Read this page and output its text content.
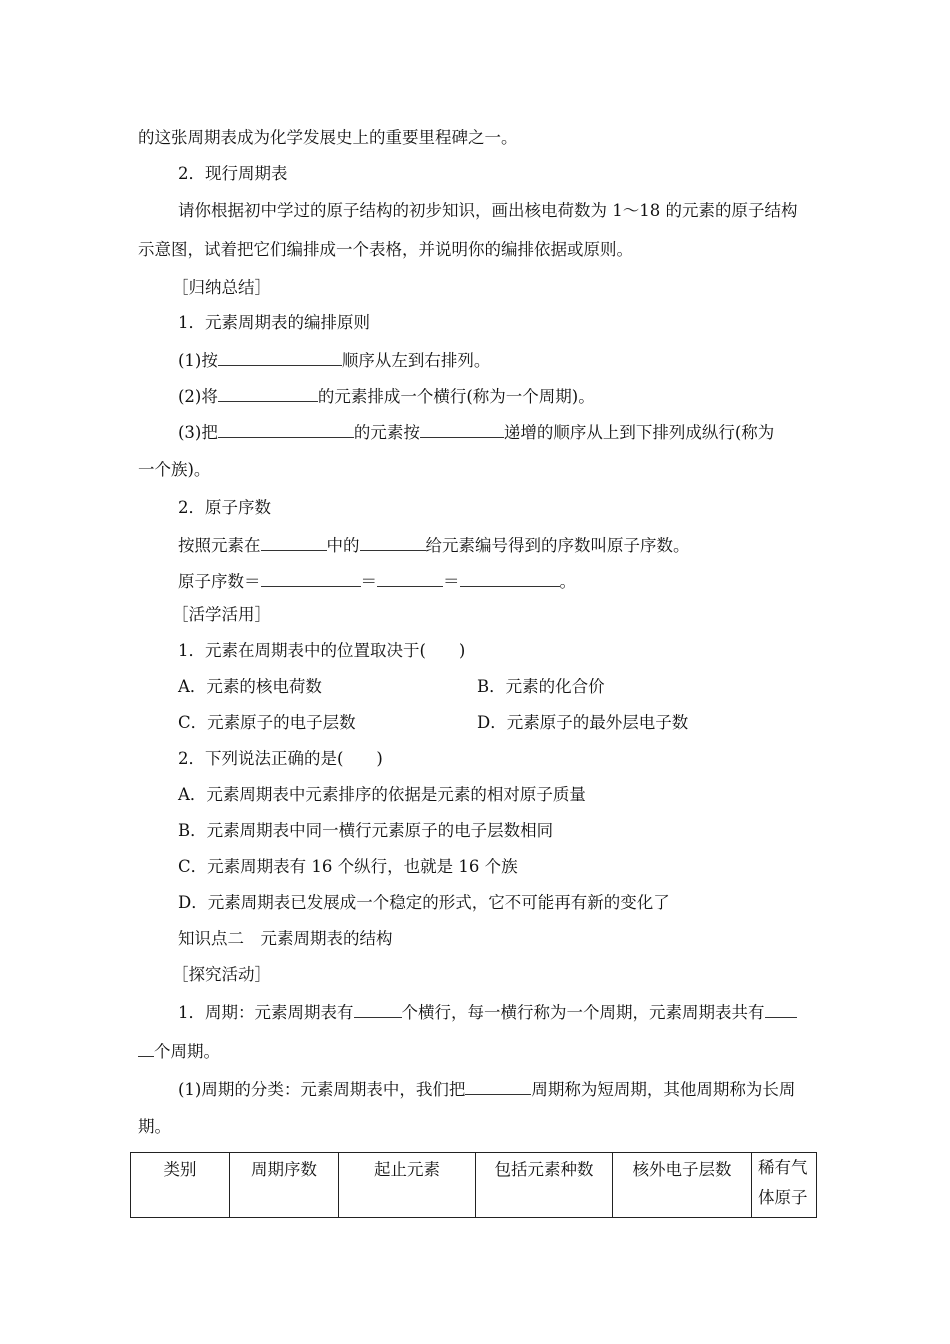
的这张周期表成为化学发展史上的重要里程碑之一。
2．现行周期表
请你根据初中学过的原子结构的初步知识，画出核电荷数为 1～18 的元素的原子结构
示意图，试着把它们编排成一个表格，并说明你的编排依据或原则。
［归纳总结］
1．元素周期表的编排原则
(1)按	顺序从左到右排列。
(2)将	的元素排成一个横行(称为一个周期)。
(3)把	的元素按	递增的顺序从上到下排列成纵行(称为
一个族)。
2．原子序数
按照元素在	中的	给元素编号得到的序数叫原子序数。
原子序数＝	＝	＝	。
［活学活用］
1．元素在周期表中的位置取决于(　　)
A．元素的核电荷数	B．元素的化合价
C．元素原子的电子层数	D．元素原子的最外层电子数
2．下列说法正确的是(　　)
A．元素周期表中元素排序的依据是元素的相对原子质量
B．元素周期表中同一横行元素原子的电子层数相同
C．元素周期表有 16 个纵行，也就是 16 个族
D．元素周期表已发展成一个稳定的形式，它不可能再有新的变化了
知识点二　元素周期表的结构
［探究活动］
1．周期：元素周期表有	个横行，每一横行称为一个周期，元素周期表共有
个周期。
(1)周期的分类：元素周期表中，我们把	周期称为短周期，其他周期称为长周
期。
类别	周期序数	起止元素	包括元素种数	核外电子层数	稀有气
体原子
